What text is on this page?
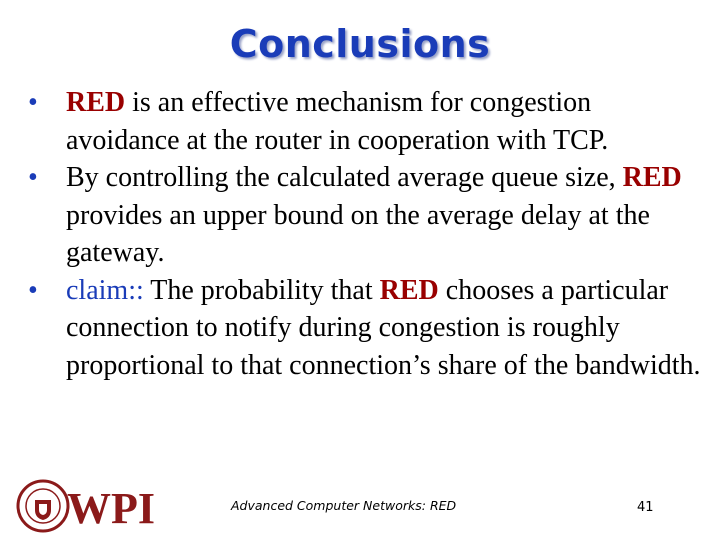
Conclusions
• RED is an effective mechanism for congestion avoidance at the router in cooperation with TCP.
• By controlling the calculated average queue size, RED provides an upper bound on the average delay at the gateway.
• claim:: The probability that RED chooses a particular connection to notify during congestion is roughly proportional to that connection’s share of the bandwidth.
WPI	Advanced Computer Networks: RED	41
